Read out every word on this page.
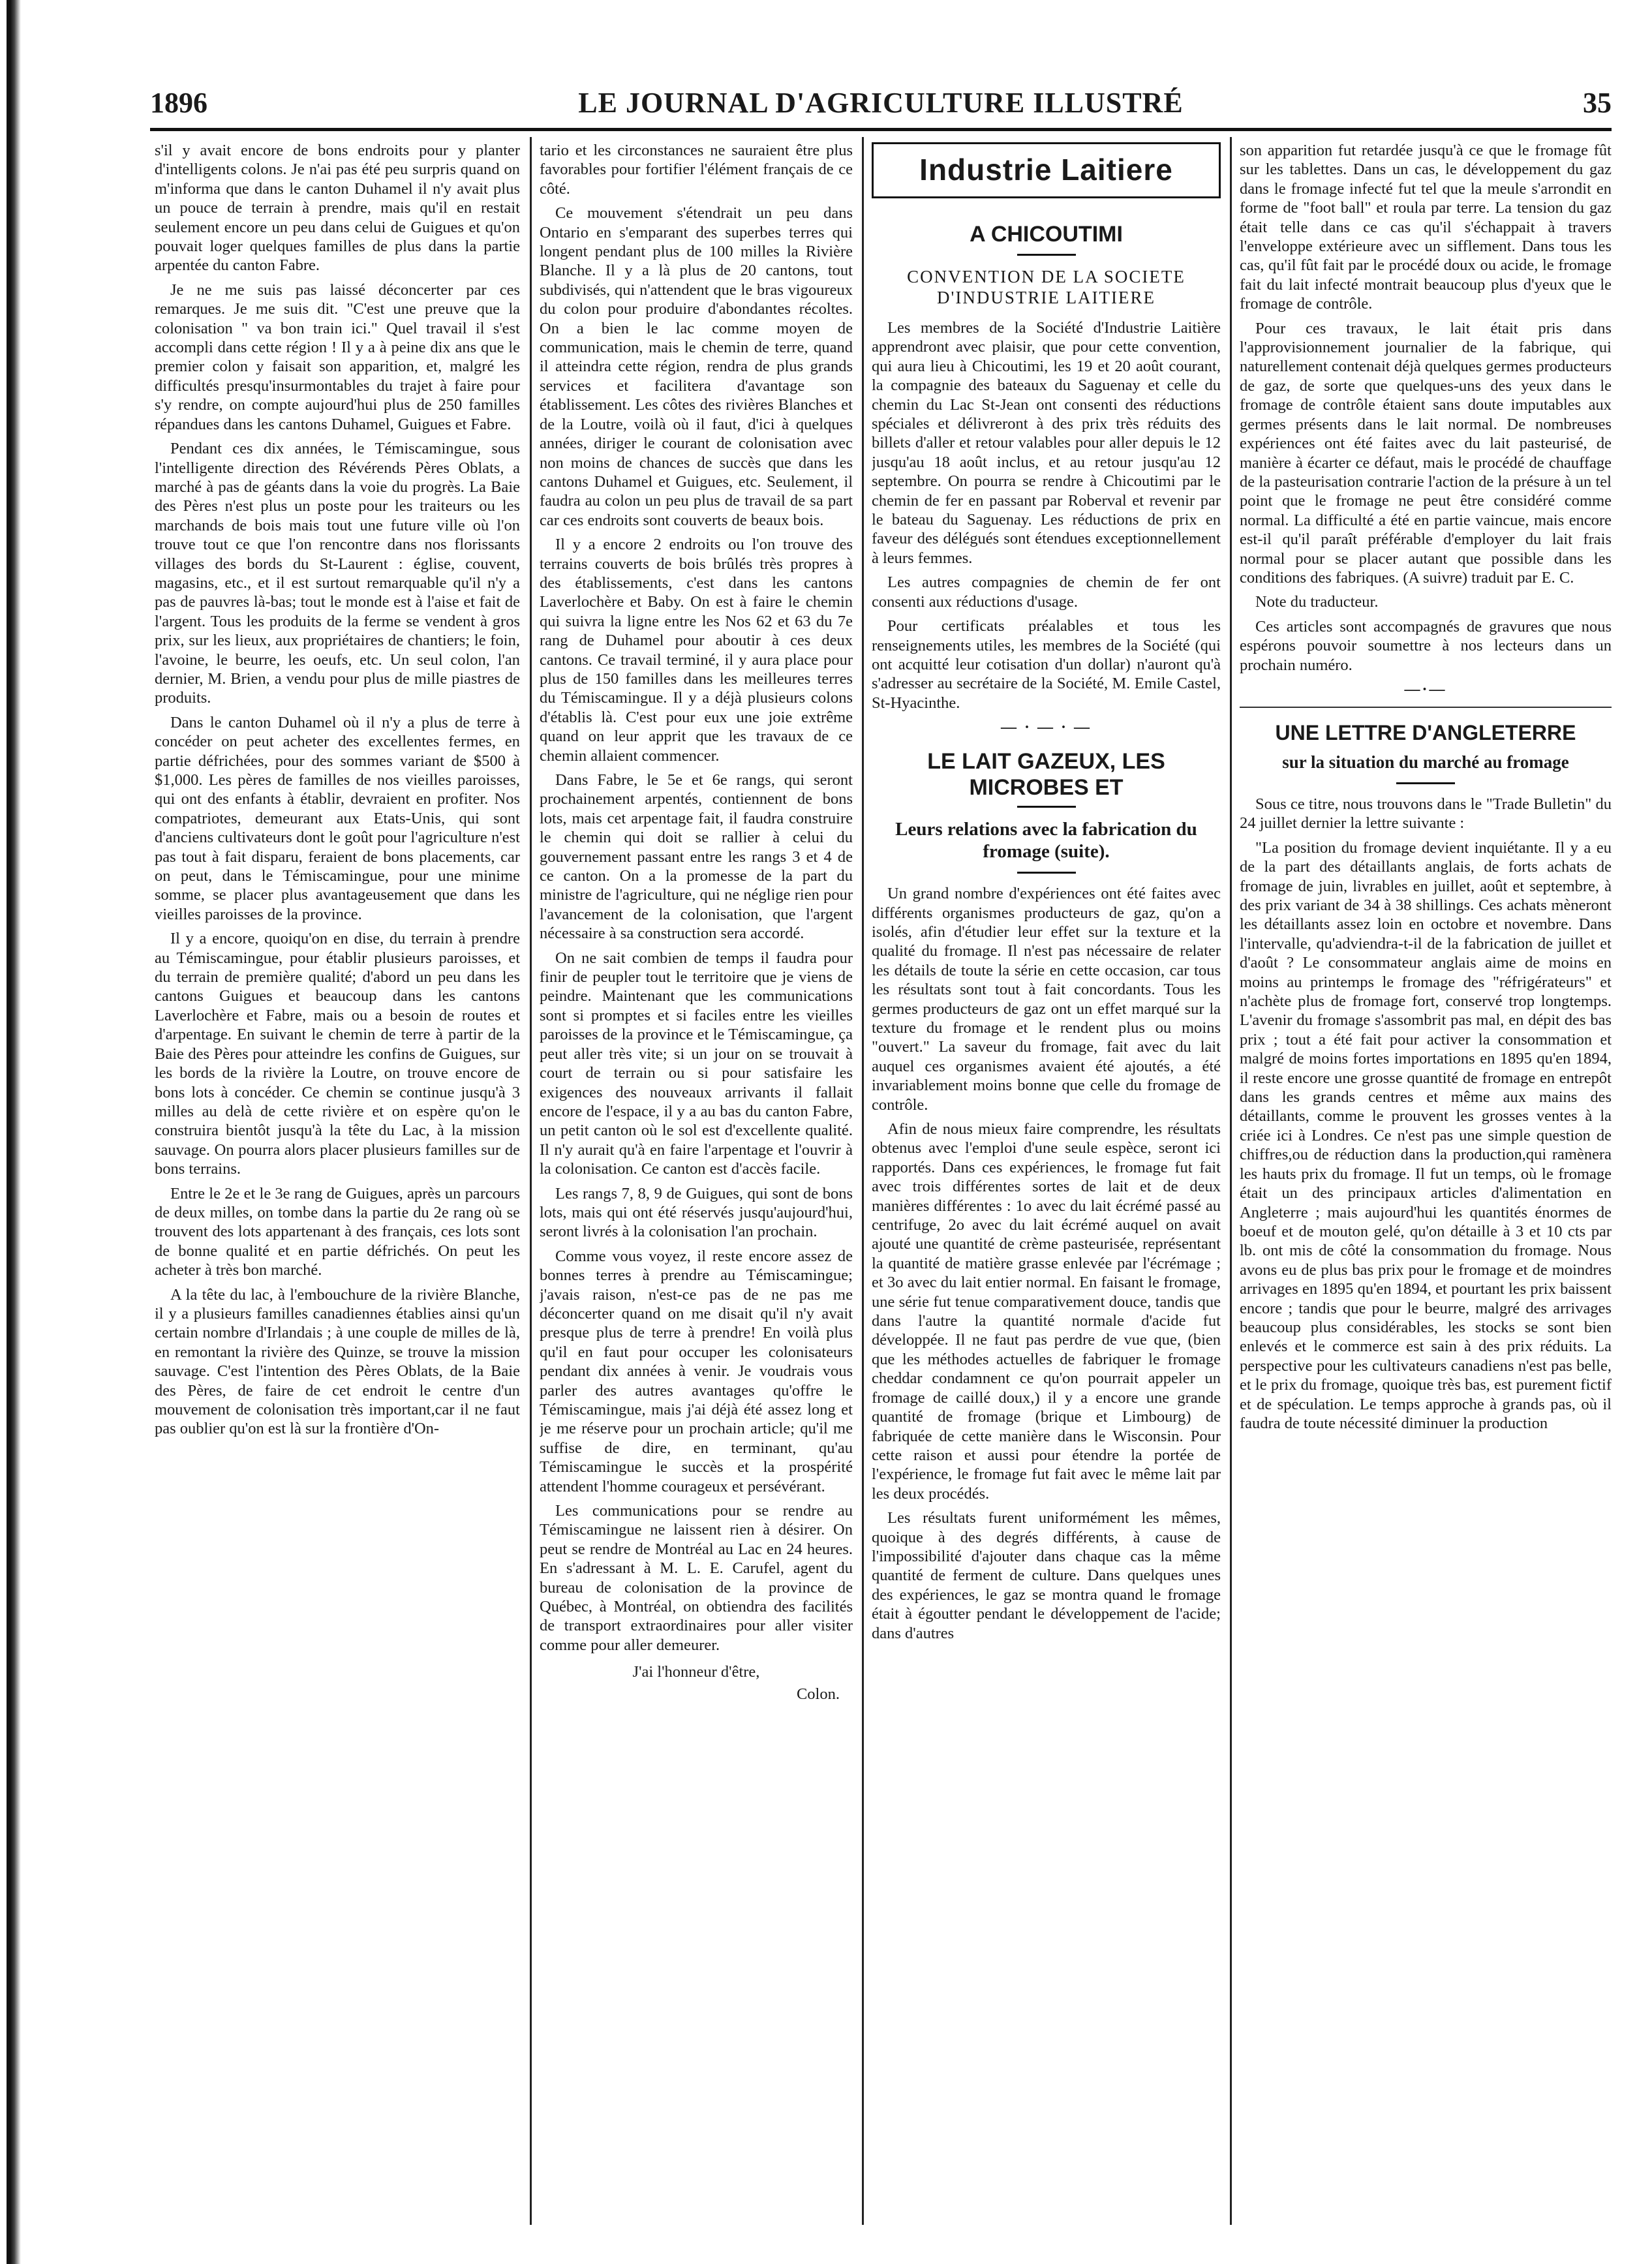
LE JOURNAL D'AGRICULTURE ILLUSTRÉ
1896	35

s'il y avait encore de bons endroits pour y planter d'intelligents colons. Je n'ai pas été peu surpris quand on m'informa que dans le canton Duhamel il n'y avait plus un pouce de terrain à prendre, mais qu'il en restait seulement encore un peu dans celui de Guigues et qu'on pouvait loger quelques familles de plus dans la partie arpentée du canton Fabre.

Je ne me suis pas laissé déconcerter par ces remarques. Je me suis dit. "C'est une preuve que la colonisation " va bon train ici." Quel travail il s'est accompli dans cette région ! Il y a à peine dix ans que le premier colon y faisait son apparition, et, malgré les difficultés presqu'insurmontables du trajet à faire pour s'y rendre, on compte aujourd'hui plus de 250 familles répandues dans les cantons Duhamel, Guigues et Fabre.

Pendant ces dix années, le Témiscamingue, sous l'intelligente direction des Révérends Pères Oblats, a marché à pas de géants dans la voie du progrès. La Baie des Pères n'est plus un poste pour les traiteurs ou les marchands de bois mais tout une future ville où l'on trouve tout ce que l'on rencontre dans nos florissants villages des bords du St-Laurent : église, couvent, magasins, etc., et il est surtout remarquable qu'il n'y a pas de pauvres là-bas; tout le monde est à l'aise et fait de l'argent. Tous les produits de la ferme se vendent à gros prix, sur les lieux, aux propriétaires de chantiers; le foin, l'avoine, le beurre, les oeufs, etc. Un seul colon, l'an dernier, M. Brien, a vendu pour plus de mille piastres de produits.

Dans le canton Duhamel où il n'y a plus de terre à concéder on peut acheter des excellentes fermes, en partie défrichées, pour des sommes variant de $500 à $1,000. Les pères de familles de nos vieilles paroisses, qui ont des enfants à établir, devraient en profiter. Nos compatriotes, demeurant aux Etats-Unis, qui sont d'anciens cultivateurs dont le goût pour l'agriculture n'est pas tout à fait disparu, feraient de bons placements, car on peut, dans le Témiscamingue, pour une minime somme, se placer plus avantageusement que dans les vieilles paroisses de la province.

Il y a encore, quoiqu'on en dise, du terrain à prendre au Témiscamingue, pour établir plusieurs paroisses, et du terrain de première qualité; d'abord un peu dans les cantons Guigues et beaucoup dans les cantons Laverlochère et Fabre, mais ou a besoin de routes et d'arpentage. En suivant le chemin de terre à partir de la Baie des Pères pour atteindre les confins de Guigues, sur les bords de la rivière la Loutre, on trouve encore de bons lots à concéder. Ce chemin se continue jusqu'à 3 milles au delà de cette rivière et on espère qu'on le construira bientôt jusqu'à la tête du Lac, à la mission sauvage. On pourra alors placer plusieurs familles sur de bons terrains.

Entre le 2e et le 3e rang de Guigues, après un parcours de deux milles, on tombe dans la partie du 2e rang où se trouvent des lots appartenant à des français, ces lots sont de bonne qualité et en partie défrichés. On peut les acheter à très bon marché.

A la tête du lac, à l'embouchure de la rivière Blanche, il y a plusieurs familles canadiennes établies ainsi qu'un certain nombre d'Irlandais ; à une couple de milles de là, en remontant la rivière des Quinze, se trouve la mission sauvage. C'est l'intention des Pères Oblats, de la Baie des Pères, de faire de cet endroit le centre d'un mouvement de colonisation très important,car il ne faut pas oublier qu'on est là sur la frontière d'On-

tario et les circonstances ne sauraient être plus favorables pour fortifier l'élément français de ce côté.

Ce mouvement s'étendrait un peu dans Ontario en s'emparant des superbes terres qui longent pendant plus de 100 milles la Rivière Blanche. Il y a là plus de 20 cantons, tout subdivisés, qui n'attendent que le bras vigoureux du colon pour produire d'abondantes récoltes. On a bien le lac comme moyen de communication, mais le chemin de terre, quand il atteindra cette région, rendra de plus grands services et facilitera d'avantage son établissement. Les côtes des rivières Blanches et de la Loutre, voilà où il faut, d'ici à quelques années, diriger le courant de colonisation avec non moins de chances de succès que dans les cantons Duhamel et Guigues, etc. Seulement, il faudra au colon un peu plus de travail de sa part car ces endroits sont couverts de beaux bois.

Il y a encore 2 endroits ou l'on trouve des terrains couverts de bois brûlés très propres à des établissements, c'est dans les cantons Laverlochère et Baby. On est à faire le chemin qui suivra la ligne entre les Nos 62 et 63 du 7e rang de Duhamel pour aboutir à ces deux cantons. Ce travail terminé, il y aura place pour plus de 150 familles dans les meilleures terres du Témiscamingue. Il y a déjà plusieurs colons d'établis là. C'est pour eux une joie extrême quand on leur apprit que les travaux de ce chemin allaient commencer.

Dans Fabre, le 5e et 6e rangs, qui seront prochainement arpentés, contiennent de bons lots, mais cet arpentage fait, il faudra construire le chemin qui doit se rallier à celui du gouvernement passant entre les rangs 3 et 4 de ce canton. On a la promesse de la part du ministre de l'agriculture, qui ne néglige rien pour l'avancement de la colonisation, que l'argent nécessaire à sa construction sera accordé.

On ne sait combien de temps il faudra pour finir de peupler tout le territoire que je viens de peindre. Maintenant que les communications sont si promptes et si faciles entre les vieilles paroisses de la province et le Témiscamingue, ça peut aller très vite; si un jour on se trouvait à court de terrain ou si pour satisfaire les exigences des nouveaux arrivants il fallait encore de l'espace, il y a au bas du canton Fabre, un petit canton où le sol est d'excellente qualité. Il n'y aurait qu'à en faire l'arpentage et l'ouvrir à la colonisation. Ce canton est d'accès facile.

Les rangs 7, 8, 9 de Guigues, qui sont de bons lots, mais qui ont été réservés jusqu'aujourd'hui, seront livrés à la colonisation l'an prochain.

Comme vous voyez, il reste encore assez de bonnes terres à prendre au Témiscamingue; j'avais raison, n'est-ce pas de ne pas me déconcerter quand on me disait qu'il n'y avait presque plus de terre à prendre! En voilà plus qu'il en faut pour occuper les colonisateurs pendant dix années à venir. Je voudrais vous parler des autres avantages qu'offre le Témiscamingue, mais j'ai déjà été assez long et je me réserve pour un prochain article; qu'il me suffise de dire, en terminant, qu'au Témiscamingue le succès et la prospérité attendent l'homme courageux et persévérant.

Les communications pour se rendre au Témiscamingue ne laissent rien à désirer. On peut se rendre de Montréal au Lac en 24 heures. En s'adressant à M. L. E. Carufel, agent du bureau de colonisation de la province de Québec, à Montréal, on obtiendra des facilités de transport extraordinaires pour aller visiter comme pour aller demeurer.

J'ai l'honneur d'être,
Colon.
Industrie Laitiere
A CHICOUTIMI
CONVENTION DE LA SOCIETE D'INDUSTRIE LAITIERE

Les membres de la Société d'Industrie Laitière apprendront avec plaisir, que pour cette convention, qui aura lieu à Chicoutimi, les 19 et 20 août courant, la compagnie des bateaux du Saguenay et celle du chemin du Lac St-Jean ont consenti des réductions spéciales et délivreront à des prix très réduits des billets d'aller et retour valables pour aller depuis le 12 jusqu'au 18 août inclus, et au retour jusqu'au 12 septembre. On pourra se rendre à Chicoutimi par le chemin de fer en passant par Roberval et revenir par le bateau du Saguenay. Les réductions de prix en faveur des délégués sont étendues exceptionnellement à leurs femmes.

Les autres compagnies de chemin de fer ont consenti aux réductions d'usage.

Pour certificats préalables et tous les renseignements utiles, les membres de la Société (qui ont acquitté leur cotisation d'un dollar) n'auront qu'à s'adresser au secrétaire de la Société, M. Emile Castel, St-Hyacinthe.

— · — · —
LE LAIT GAZEUX, LES MICROBES ET
Leurs relations avec la fabrication du fromage (suite).

Un grand nombre d'expériences ont été faites avec différents organismes producteurs de gaz, qu'on a isolés, afin d'étudier leur effet sur la texture et la qualité du fromage. Il n'est pas nécessaire de relater les détails de toute la série en cette occasion, car tous les résultats sont tout à fait concordants. Tous les germes producteurs de gaz ont un effet marqué sur la texture du fromage et le rendent plus ou moins "ouvert." La saveur du fromage, fait avec du lait auquel ces organismes avaient été ajoutés, a été invariablement moins bonne que celle du fromage de contrôle.

Afin de nous mieux faire comprendre, les résultats obtenus avec l'emploi d'une seule espèce, seront ici rapportés. Dans ces expériences, le fromage fut fait avec trois différentes sortes de lait et de deux manières différentes : 1o avec du lait écrémé passé au centrifuge, 2o avec du lait écrémé auquel on avait ajouté une quantité de crème pasteurisée, représentant la quantité de matière grasse enlevée par l'écrémage ; et 3o avec du lait entier normal. En faisant le fromage, une série fut tenue comparativement douce, tandis que dans l'autre la quantité normale d'acide fut développée. Il ne faut pas perdre de vue que, (bien que les méthodes actuelles de fabriquer le fromage cheddar condamnent ce qu'on pourrait appeler un fromage de caillé doux,) il y a encore une grande quantité de fromage (brique et Limbourg) de fabriquée de cette manière dans le Wisconsin. Pour cette raison et aussi pour étendre la portée de l'expérience, le fromage fut fait avec le même lait par les deux procédés.

Les résultats furent uniformément les mêmes, quoique à des degrés différents, à cause de l'impossibilité d'ajouter dans chaque cas la même quantité de ferment de culture. Dans quelques unes des expériences, le gaz se montra quand le fromage était à égoutter pendant le développement de l'acide; dans d'autres

son apparition fut retardée jusqu'à ce que le fromage fût sur les tablettes. Dans un cas, le développement du gaz dans le fromage infecté fut tel que la meule s'arrondit en forme de "foot ball" et roula par terre. La tension du gaz était telle dans ce cas qu'il s'échappait à travers l'enveloppe extérieure avec un sifflement. Dans tous les cas, qu'il fût fait par le procédé doux ou acide, le fromage fait du lait infecté montrait beaucoup plus d'yeux que le fromage de contrôle.

Pour ces travaux, le lait était pris dans l'approvisionnement journalier de la fabrique, qui naturellement contenait déjà quelques germes producteurs de gaz, de sorte que quelques-uns des yeux dans le fromage de contrôle étaient sans doute imputables aux germes présents dans le lait normal. De nombreuses expériences ont été faites avec du lait pasteurisé, de manière à écarter ce défaut, mais le procédé de chauffage de la pasteurisation contrarie l'action de la présure à un tel point que le fromage ne peut être considéré comme normal. La difficulté a été en partie vaincue, mais encore est-il qu'il paraît préférable d'employer du lait frais normal pour se placer autant que possible dans les conditions des fabriques. (A suivre) traduit par E. C.

Note du traducteur.

Ces articles sont accompagnés de gravures que nous espérons pouvoir soumettre à nos lecteurs dans un prochain numéro.

—·—
UNE LETTRE D'ANGLETERRE
sur la situation du marché au fromage

Sous ce titre, nous trouvons dans le "Trade Bulletin" du 24 juillet dernier la lettre suivante :

"La position du fromage devient inquiétante. Il y a eu de la part des détaillants anglais, de forts achats de fromage de juin, livrables en juillet, août et septembre, à des prix variant de 34 à 38 shillings. Ces achats mèneront les détaillants assez loin en octobre et novembre. Dans l'intervalle, qu'adviendra-t-il de la fabrication de juillet et d'août ? Le consommateur anglais aime de moins en moins au printemps le fromage des "réfrigérateurs" et n'achète plus de fromage fort, conservé trop longtemps. L'avenir du fromage s'assombrit pas mal, en dépit des bas prix ; tout a été fait pour activer la consommation et malgré de moins fortes importations en 1895 qu'en 1894, il reste encore une grosse quantité de fromage en entrepôt dans les grands centres et même aux mains des détaillants, comme le prouvent les grosses ventes à la criée ici à Londres. Ce n'est pas une simple question de chiffres,ou de réduction dans la production,qui ramènera les hauts prix du fromage. Il fut un temps, où le fromage était un des principaux articles d'alimentation en Angleterre ; mais aujourd'hui les quantités énormes de boeuf et de mouton gelé, qu'on détaille à 3 et 10 cts par lb. ont mis de côté la consommation du fromage. Nous avons eu de plus bas prix pour le fromage et de moindres arrivages en 1895 qu'en 1894, et pourtant les prix baissent encore ; tandis que pour le beurre, malgré des arrivages beaucoup plus considérables, les stocks se sont bien enlevés et le commerce est sain à des prix réduits. La perspective pour les cultivateurs canadiens n'est pas belle, et le prix du fromage, quoique très bas, est purement fictif et de spéculation. Le temps approche à grands pas, où il faudra de toute nécessité diminuer la production
